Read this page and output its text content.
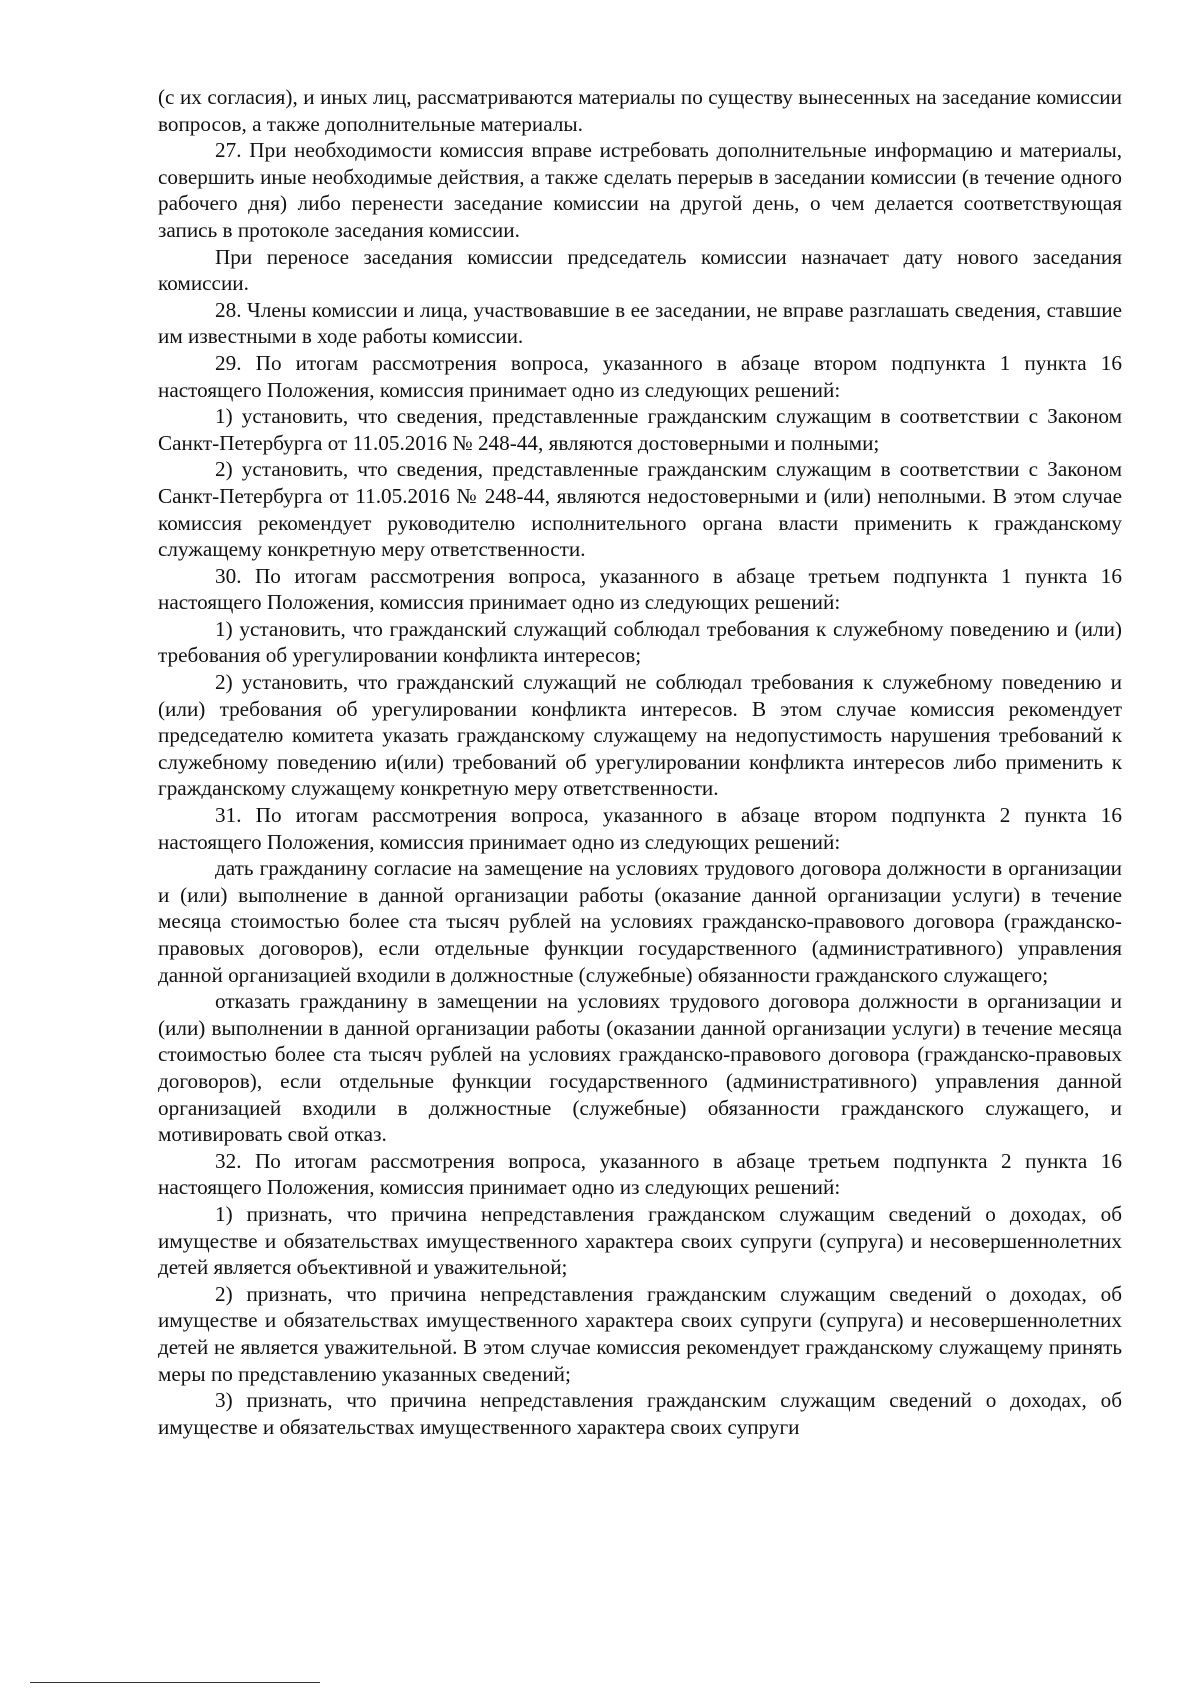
(с их согласия), и иных лиц, рассматриваются материалы по существу вынесенных на заседание комиссии вопросов, а также дополнительные материалы.

27. При необходимости комиссия вправе истребовать дополнительные информацию и материалы, совершить иные необходимые действия, а также сделать перерыв в заседании комиссии (в течение одного рабочего дня) либо перенести заседание комиссии на другой день, о чем делается соответствующая запись в протоколе заседания комиссии.

При переносе заседания комиссии председатель комиссии назначает дату нового заседания комиссии.

28. Члены комиссии и лица, участвовавшие в ее заседании, не вправе разглашать сведения, ставшие им известными в ходе работы комиссии.

29. По итогам рассмотрения вопроса, указанного в абзаце втором подпункта 1 пункта 16 настоящего Положения, комиссия принимает одно из следующих решений:

1) установить, что сведения, представленные гражданским служащим в соответствии с Законом Санкт-Петербурга от 11.05.2016 № 248-44, являются достоверными и полными;

2) установить, что сведения, представленные гражданским служащим в соответствии с Законом Санкт-Петербурга от 11.05.2016 № 248-44, являются недостоверными и (или) неполными. В этом случае комиссия рекомендует руководителю исполнительного органа власти применить к гражданскому служащему конкретную меру ответственности.

30. По итогам рассмотрения вопроса, указанного в абзаце третьем подпункта 1 пункта 16 настоящего Положения, комиссия принимает одно из следующих решений:

1) установить, что гражданский служащий соблюдал требования к служебному поведению и (или) требования об урегулировании конфликта интересов;

2) установить, что гражданский служащий не соблюдал требования к служебному поведению и (или) требования об урегулировании конфликта интересов. В этом случае комиссия рекомендует председателю комитета указать гражданскому служащему на недопустимость нарушения требований к служебному поведению и(или) требований об урегулировании конфликта интересов либо применить к гражданскому служащему конкретную меру ответственности.

31. По итогам рассмотрения вопроса, указанного в абзаце втором подпункта 2 пункта 16 настоящего Положения, комиссия принимает одно из следующих решений:

дать гражданину согласие на замещение на условиях трудового договора должности в организации и (или) выполнение в данной организации работы (оказание данной организации услуги) в течение месяца стоимостью более ста тысяч рублей на условиях гражданско-правового договора (гражданско-правовых договоров), если отдельные функции государственного (административного) управления данной организацией входили в должностные (служебные) обязанности гражданского служащего;

отказать гражданину в замещении на условиях трудового договора должности в организации и (или) выполнении в данной организации работы (оказании данной организации услуги) в течение месяца стоимостью более ста тысяч рублей на условиях гражданско-правового договора (гражданско-правовых договоров), если отдельные функции государственного (административного) управления данной организацией входили в должностные (служебные) обязанности гражданского служащего, и мотивировать свой отказ.

32. По итогам рассмотрения вопроса, указанного в абзаце третьем подпункта 2 пункта 16 настоящего Положения, комиссия принимает одно из следующих решений:

1) признать, что причина непредставления гражданском служащим сведений о доходах, об имуществе и обязательствах имущественного характера своих супруги (супруга) и несовершеннолетних детей является объективной и уважительной;

2) признать, что причина непредставления гражданским служащим сведений о доходах, об имуществе и обязательствах имущественного характера своих супруги (супруга) и несовершеннолетних детей не является уважительной. В этом случае комиссия рекомендует гражданскому служащему принять меры по представлению указанных сведений;

3) признать, что причина непредставления гражданским служащим сведений о доходах, об имуществе и обязательствах имущественного характера своих супруги
